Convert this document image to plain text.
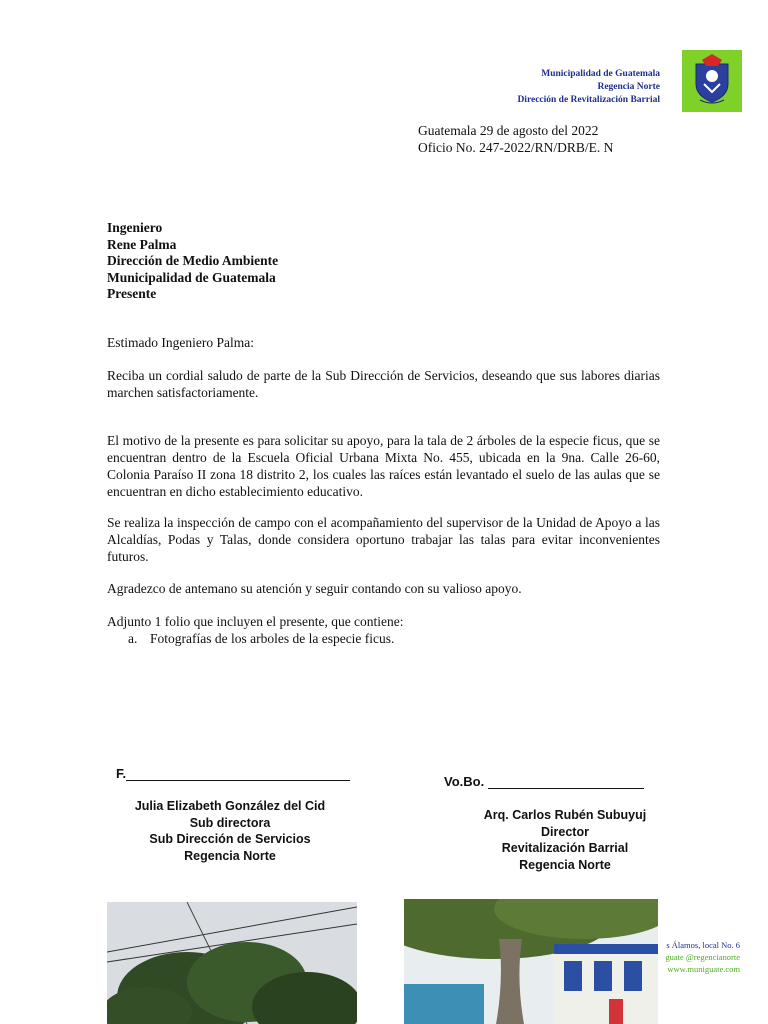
Municipalidad de Guatemala
Regencia Norte
Dirección de Revitalización Barrial
Guatemala 29 de agosto del 2022
Oficio No. 247-2022/RN/DRB/E. N
Ingeniero
Rene Palma
Dirección de Medio Ambiente
Municipalidad de Guatemala
Presente
Estimado Ingeniero Palma:
Reciba un cordial saludo de parte de la Sub Dirección de Servicios, deseando que sus labores diarias marchen satisfactoriamente.
El motivo de la presente es para solicitar su apoyo, para la tala de 2 árboles de la especie ficus, que se encuentran dentro de la Escuela Oficial Urbana Mixta No. 455, ubicada en la 9na. Calle 26-60, Colonia Paraíso II zona 18 distrito 2, los cuales las raíces están levantado el suelo de las aulas que se encuentran en dicho establecimiento educativo.
Se realiza la inspección de campo con el acompañamiento del supervisor de la Unidad de Apoyo a las Alcaldías, Podas y Talas, donde considera oportuno trabajar las talas para evitar inconvenientes futuros.
Agradezco de antemano su atención y seguir contando con su valioso apoyo.
Adjunto 1 folio que incluyen el presente, que contiene:
a. Fotografías de los arboles de la especie ficus.
F.
Julia Elizabeth González del Cid
Sub directora
Sub Dirección de Servicios
Regencia Norte
Vo.Bo.
Arq. Carlos Rubén Subuyuj
Director
Revitalización Barrial
Regencia Norte
s Álamos, local No. 6
guate @regencianorte
www.muniguate.com
